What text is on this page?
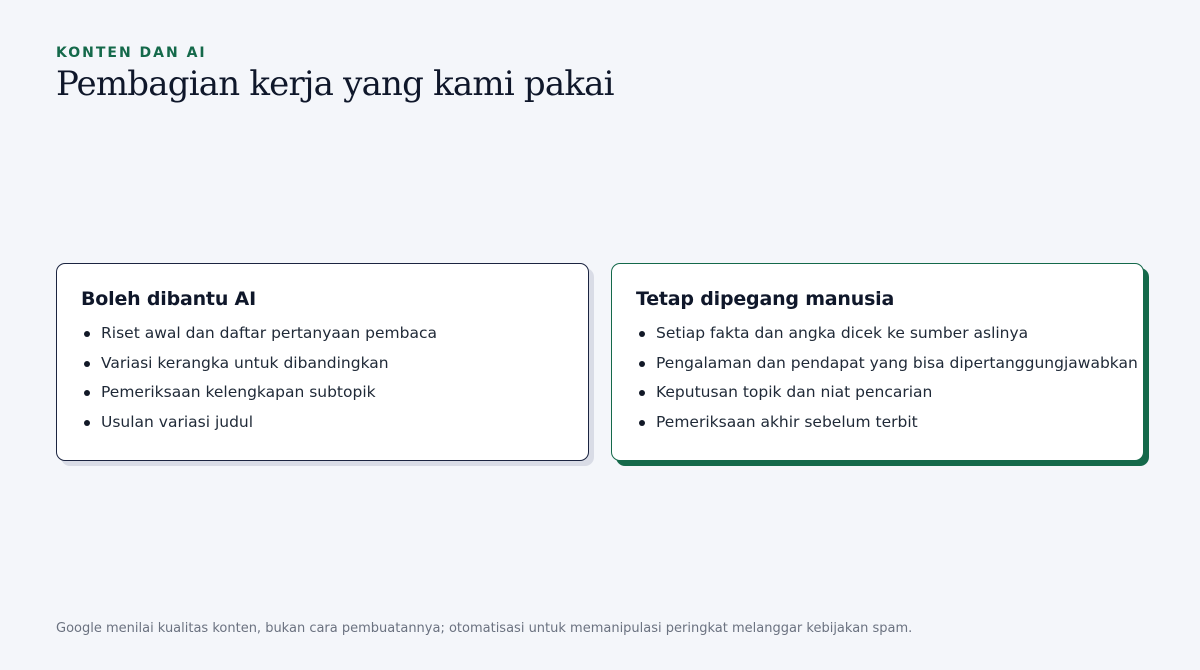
KONTEN DAN AI
Pembagian kerja yang kami pakai
Boleh dibantu AI
Riset awal dan daftar pertanyaan pembaca
Variasi kerangka untuk dibandingkan
Pemeriksaan kelengkapan subtopik
Usulan variasi judul
Tetap dipegang manusia
Setiap fakta dan angka dicek ke sumber aslinya
Pengalaman dan pendapat yang bisa dipertanggungjawabkan
Keputusan topik dan niat pencarian
Pemeriksaan akhir sebelum terbit

Google menilai kualitas konten, bukan cara pembuatannya; otomatisasi untuk memanipulasi peringkat melanggar kebijakan spam.
